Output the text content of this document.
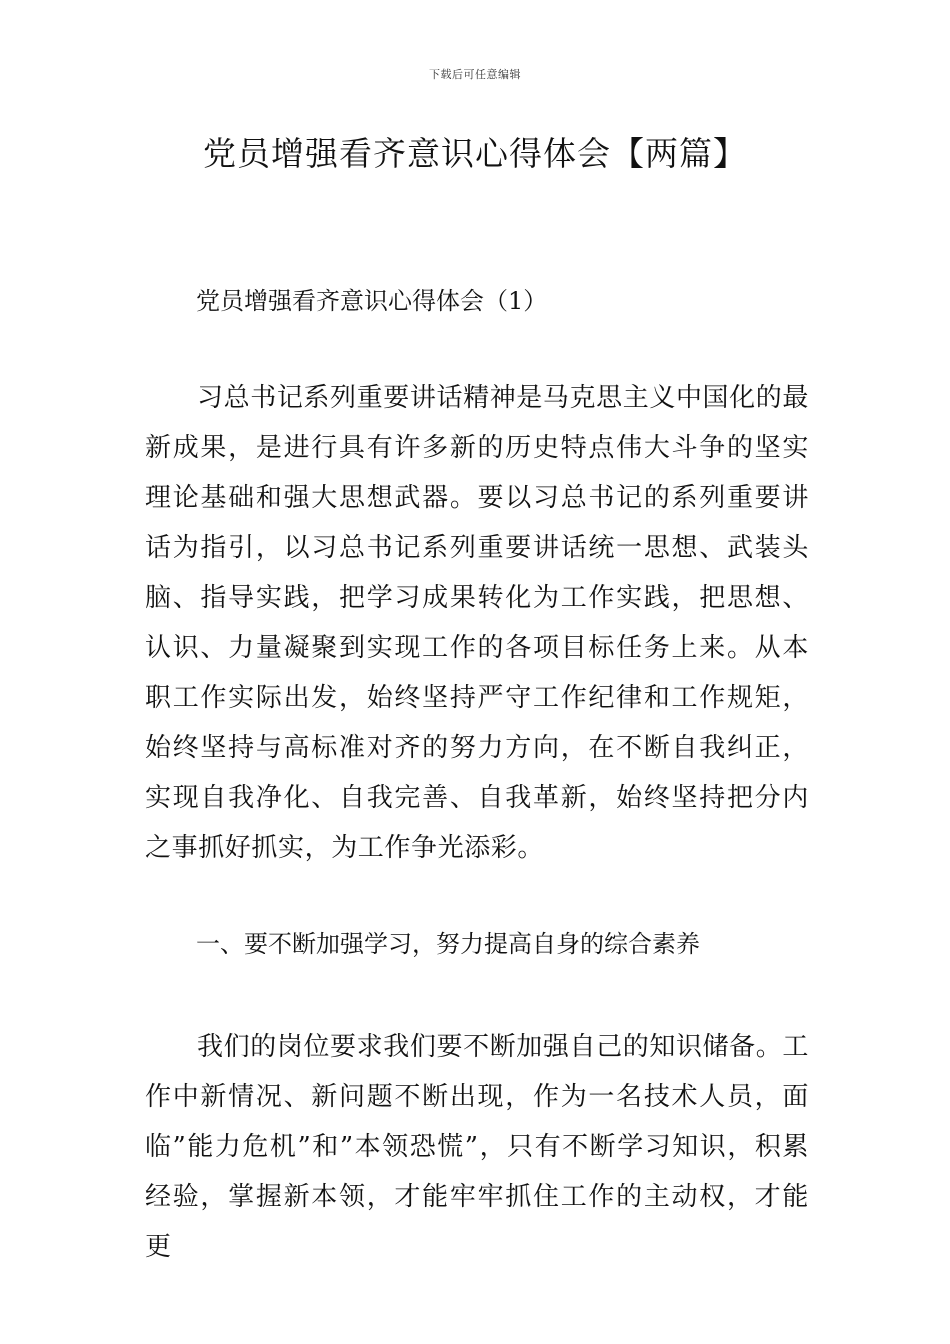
下载后可任意编辑
党员增强看齐意识心得体会【两篇】
党员增强看齐意识心得体会（1）

习总书记系列重要讲话精神是马克思主义中国化的最新成果，是进行具有许多新的历史特点伟大斗争的坚实理论基础和强大思想武器。要以习总书记的系列重要讲话为指引，以习总书记系列重要讲话统一思想、武装头脑、指导实践，把学习成果转化为工作实践，把思想、认识、力量凝聚到实现工作的各项目标任务上来。从本职工作实际出发，始终坚持严守工作纪律和工作规矩，始终坚持与高标准对齐的努力方向，在不断自我纠正，实现自我净化、自我完善、自我革新，始终坚持把分内之事抓好抓实，为工作争光添彩。

一、要不断加强学习，努力提高自身的综合素养

我们的岗位要求我们要不断加强自己的知识储备。工作中新情况、新问题不断出现，作为一名技术人员，面临”能力危机”和”本领恐慌”，只有不断学习知识，积累经验，掌握新本领，才能牢牢抓住工作的主动权，才能更
